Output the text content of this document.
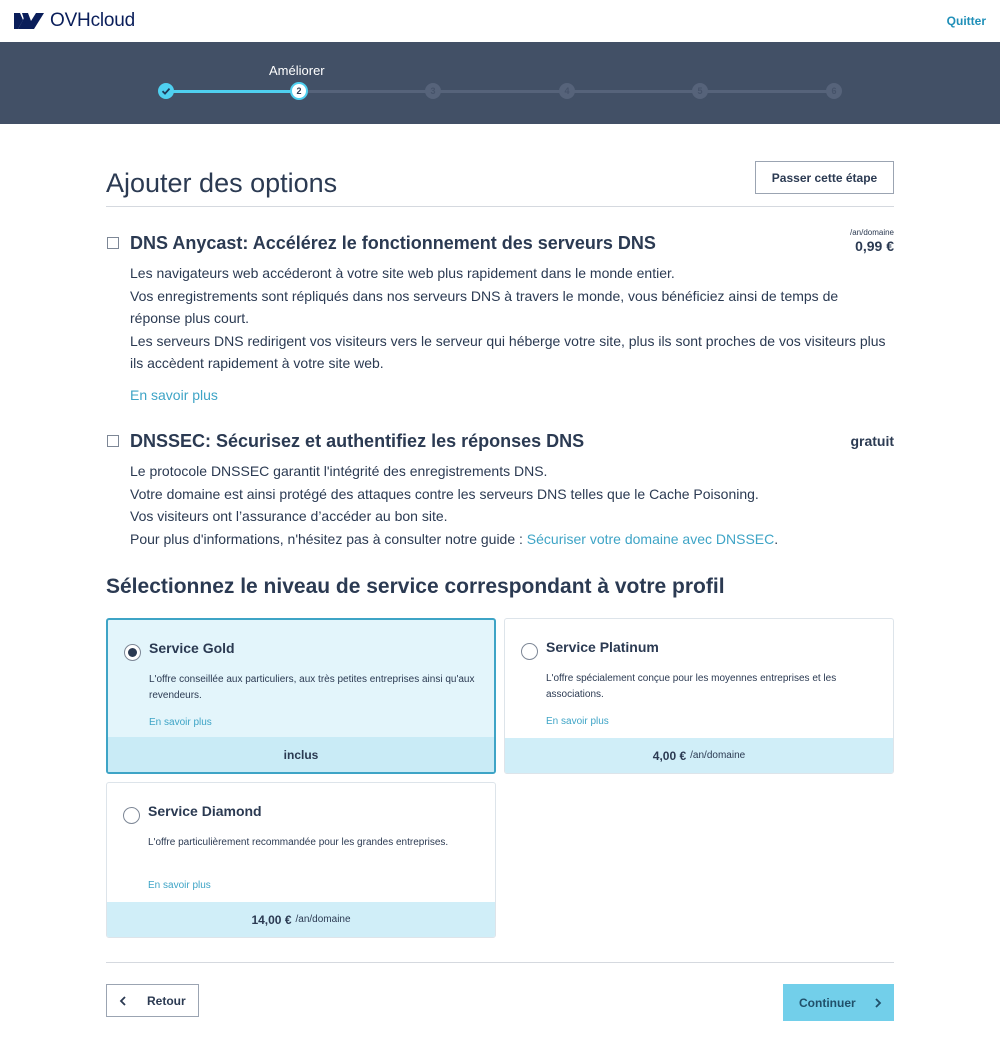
OVHcloud	Quitter
Améliorer
2	3	4	5	6
Ajouter des options	Passer cette étape
DNS Anycast: Accélérez le fonctionnement des serveurs DNS
/an/domaine
0,99 €
Les navigateurs web accéderont à votre site web plus rapidement dans le monde entier.
Vos enregistrements sont répliqués dans nos serveurs DNS à travers le monde, vous bénéficiez ainsi de temps de réponse plus court.
Les serveurs DNS redirigent vos visiteurs vers le serveur qui héberge votre site, plus ils sont proches de vos visiteurs plus ils accèdent rapidement à votre site web.
En savoir plus
DNSSEC: Sécurisez et authentifiez les réponses DNS	gratuit
Le protocole DNSSEC garantit l'intégrité des enregistrements DNS.
Votre domaine est ainsi protégé des attaques contre les serveurs DNS telles que le Cache Poisoning.
Vos visiteurs ont l’assurance d’accéder au bon site.
Pour plus d'informations, n'hésitez pas à consulter notre guide : Sécuriser votre domaine avec DNSSEC.
Sélectionnez le niveau de service correspondant à votre profil
Service Gold
L'offre conseillée aux particuliers, aux très petites entreprises ainsi qu'aux revendeurs.
En savoir plus
inclus
Service Platinum
L'offre spécialement conçue pour les moyennes entreprises et les associations.
En savoir plus
4,00 € /an/domaine
Service Diamond
L'offre particulièrement recommandée pour les grandes entreprises.
En savoir plus
14,00 € /an/domaine
Retour	Continuer
